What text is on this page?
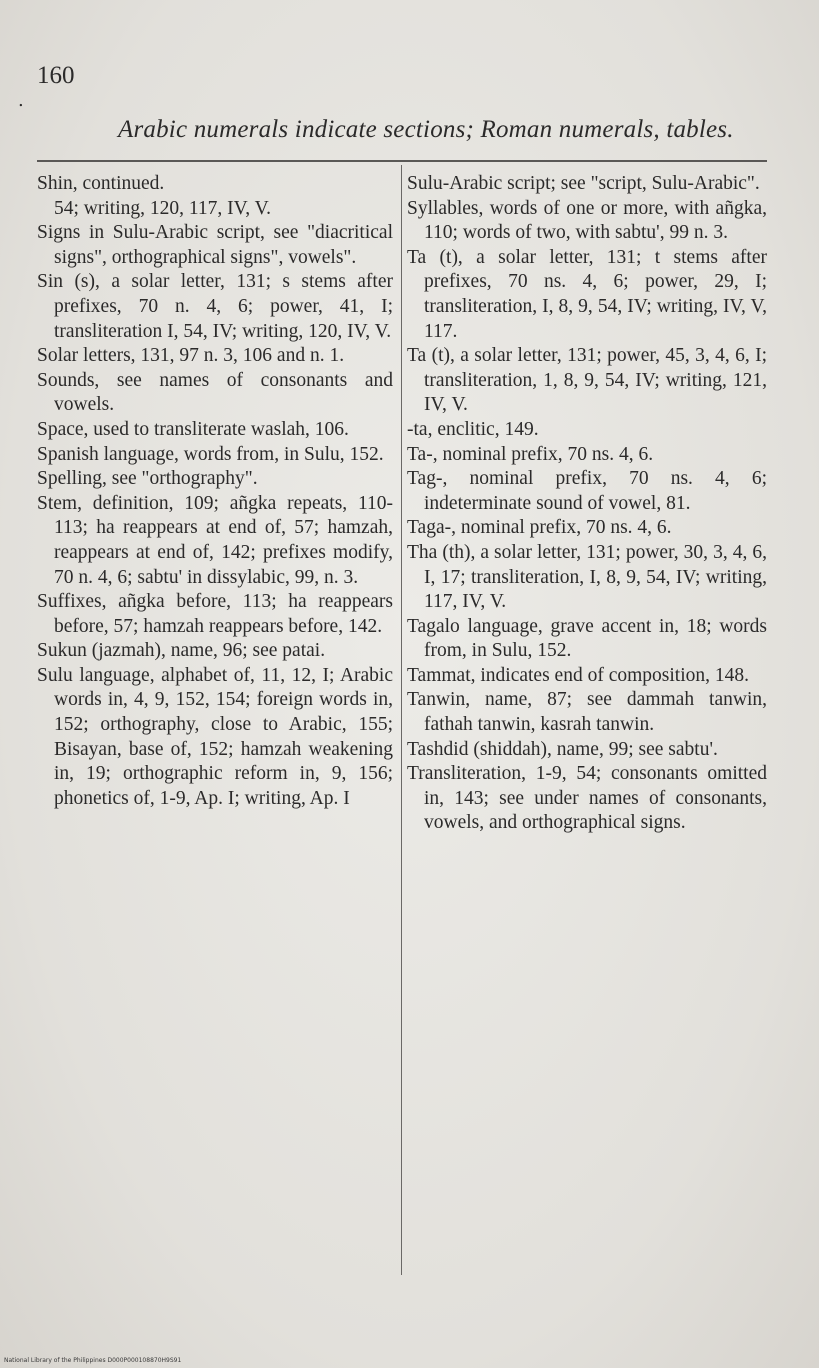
.
160
Arabic numerals indicate sections; Roman numerals, tables.

Shin, continued.

54; writing, 120, 117, IV, V.

Signs in Sulu-Arabic script, see "diacritical signs", orthographical signs", vowels".

Sin (s), a solar letter, 131; s stems after prefixes, 70 n. 4, 6; power, 41, I; transliteration I, 54, IV; writing, 120, IV, V.

Solar letters, 131, 97 n. 3, 106 and n. 1.

Sounds, see names of consonants and vowels.

Space, used to transliterate waslah, 106.

Spanish language, words from, in Sulu, 152.

Spelling, see "orthography".

Stem, definition, 109; añgka repeats, 110-113; ha reappears at end of, 57; hamzah, reappears at end of, 142; prefixes modify, 70 n. 4, 6; sabtu' in dissylabic, 99, n. 3.

Suffixes, añgka before, 113; ha reappears before, 57; hamzah reappears before, 142.

Sukun (jazmah), name, 96; see patai.

Sulu language, alphabet of, 11, 12, I; Arabic words in, 4, 9, 152, 154; foreign words in, 152; orthography, close to Arabic, 155; Bisayan, base of, 152; hamzah weakening in, 19; orthographic reform in, 9, 156; phonetics of, 1-9, Ap. I; writing, Ap. I

Sulu-Arabic script; see "script, Sulu-Arabic".

Syllables, words of one or more, with añgka, 110; words of two, with sabtu', 99 n. 3.

Ta (t), a solar letter, 131; t stems after prefixes, 70 ns. 4, 6; power, 29, I; transliteration, I, 8, 9, 54, IV; writing, IV, V, 117.

Ta (t), a solar letter, 131; power, 45, 3, 4, 6, I; transliteration, 1, 8, 9, 54, IV; writing, 121, IV, V.

-ta, enclitic, 149.

Ta-, nominal prefix, 70 ns. 4, 6.

Tag-, nominal prefix, 70 ns. 4, 6; indeterminate sound of vowel, 81.

Taga-, nominal prefix, 70 ns. 4, 6.

Tha (th), a solar letter, 131; power, 30, 3, 4, 6, I, 17; transliteration, I, 8, 9, 54, IV; writing, 117, IV, V.

Tagalo language, grave accent in, 18; words from, in Sulu, 152.

Tammat, indicates end of composition, 148.

Tanwin, name, 87; see dammah tanwin, fathah tanwin, kasrah tanwin.

Tashdid (shiddah), name, 99; see sabtu'.

Transliteration, 1-9, 54; consonants omitted in, 143; see under names of consonants, vowels, and orthographical signs.

National Library of the Philippines D000P000108870H9S91
